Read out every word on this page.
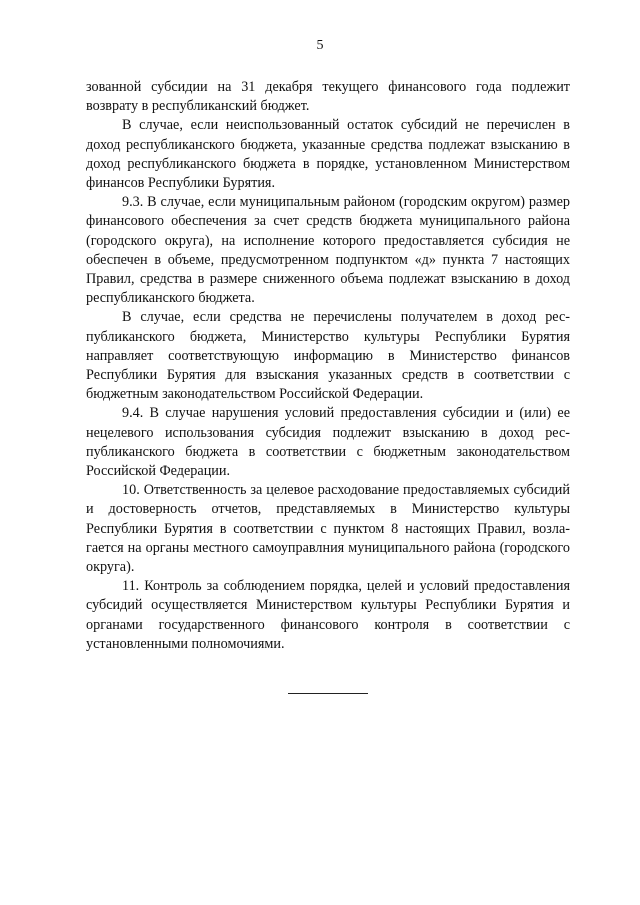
5

зованной субсидии на 31 декабря текущего финансового года подлежит возврату в республиканский бюджет.

В случае, если неиспользованный остаток субсидий не перечислен в доход республиканского бюджета, указанные средства подлежат взыскaнию в доход республиканского бюджета в порядке, установленном Министерством финансов Республики Бурятия.

9.3. В случае, если муниципальным районом (городским округом) размер финансового обеспечения за счет средств бюджета муниципального района (городского округа), на исполнение которого предоставляется субсидия не обеспечен в объеме, предусмотренном подпунктом «д» пункта 7 настоящих Правил, средства в размере сниженного объема подлежат взысканию в доход республиканского бюджета.

В случае, если средства не перечислены получателем в доход республиканского бюджета, Министерство культуры Республики Бурятия направляет соответствующую информацию в Министерство финансов Республики Бурятия для взыскания указанных средств в соответствии с бюджетным законодательством Российской Федерации.

9.4. В случае нарушения условий предоставления субсидии и (или) ее нецелевого использования субсидия подлежит взысканию в доход республиканского бюджета в соответствии с бюджетным законодательством Российской Федерации.

10. Ответственность за целевое расходование предоставляемых субсидий и достоверность отчетов, представляемых в Министерство культуры Республики Бурятия в соответствии с пунктом 8 настоящих Правил, возлагается на органы местного самоуправлния муниципального района (городского округа).

11. Контроль за соблюдением порядка, целей и условий предоставления субсидий осуществляется Министерством культуры Республики Бурятия и органами государственного финансового контроля в соответствии с установленными полномочиями.
